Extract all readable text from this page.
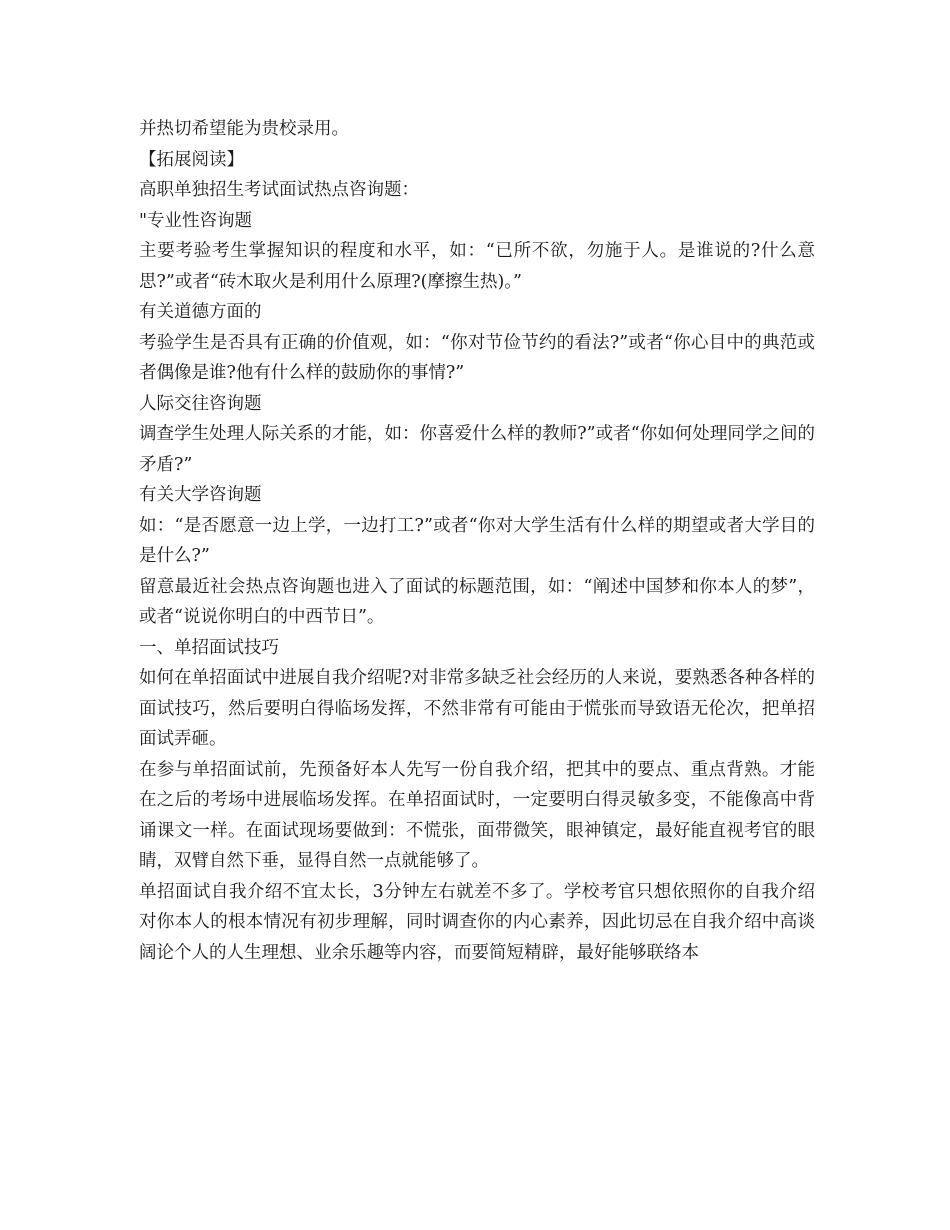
并热切希望能为贵校录用。

【拓展阅读】

高职单独招生考试面试热点咨询题：

"专业性咨询题

主要考验考生掌握知识的程度和水平，如：“已所不欲，勿施于人。是谁说的?什么意思?”或者“砖木取火是利用什么原理?(摩擦生热)。”

有关道德方面的

考验学生是否具有正确的价值观，如：“你对节俭节约的看法?”或者“你心目中的典范或者偶像是谁?他有什么样的鼓励你的事情?”

人际交往咨询题

调查学生处理人际关系的才能，如：你喜爱什么样的教师?”或者“你如何处理同学之间的矛盾?”

有关大学咨询题

如：“是否愿意一边上学，一边打工?”或者“你对大学生活有什么样的期望或者大学目的是什么?”

留意最近社会热点咨询题也进入了面试的标题范围，如：“阐述中国梦和你本人的梦”，或者“说说你明白的中西节日”。

一、单招面试技巧

如何在单招面试中进展自我介绍呢?对非常多缺乏社会经历的人来说，要熟悉各种各样的面试技巧，然后要明白得临场发挥，不然非常有可能由于慌张而导致语无伦次，把单招面试弄砸。

在参与单招面试前，先预备好本人先写一份自我介绍，把其中的要点、重点背熟。才能在之后的考场中进展临场发挥。在单招面试时，一定要明白得灵敏多变，不能像高中背诵课文一样。在面试现场要做到：不慌张，面带微笑，眼神镇定，最好能直视考官的眼睛，双臂自然下垂，显得自然一点就能够了。

单招面试自我介绍不宜太长，3分钟左右就差不多了。学校考官只想依照你的自我介绍对你本人的根本情况有初步理解，同时调查你的内心素养，因此切忌在自我介绍中高谈阔论个人的人生理想、业余乐趣等内容，而要简短精辟，最好能够联络本
